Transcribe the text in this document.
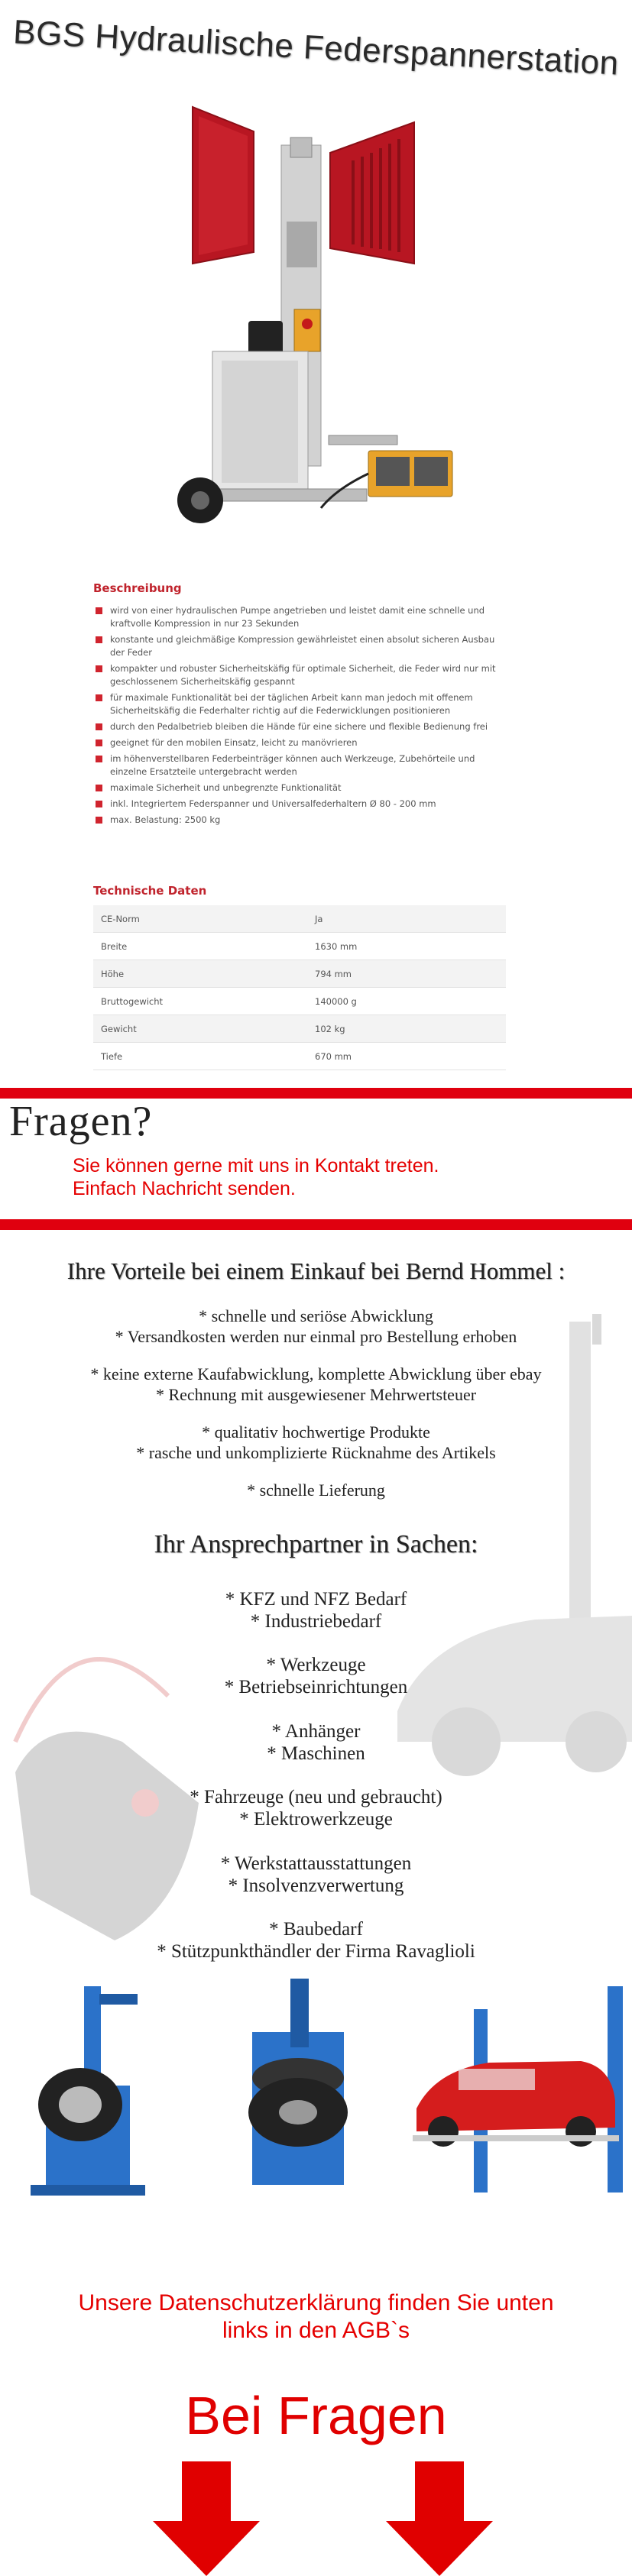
BGS Hydraulische Federspannerstation
Beschreibung
wird von einer hydraulischen Pumpe angetrieben und leistet damit eine schnelle und kraftvolle Kompression in nur 23 Sekunden
konstante und gleichmäßige Kompression gewährleistet einen absolut sicheren Ausbau der Feder
kompakter und robuster Sicherheitskäfig für optimale Sicherheit, die Feder wird nur mit geschlossenem Sicherheitskäfig gespannt
für maximale Funktionalität bei der täglichen Arbeit kann man jedoch mit offenem Sicherheitskäfig die Federhalter richtig auf die Federwicklungen positionieren
durch den Pedalbetrieb bleiben die Hände für eine sichere und flexible Bedienung frei
geeignet für den mobilen Einsatz, leicht zu manövrieren
im höhenverstellbaren Federbeinträger können auch Werkzeuge, Zubehörteile und einzelne Ersatzteile untergebracht werden
maximale Sicherheit und unbegrenzte Funktionalität
inkl. Integriertem Federspanner und Universalfederhaltern Ø 80 - 200 mm
max. Belastung: 2500 kg
Technische Daten
CE-Norm	Ja
Breite	1630 mm
Höhe	794 mm
Bruttogewicht	140000 g
Gewicht	102 kg
Tiefe	670 mm
Fragen?
Sie können gerne mit uns in Kontakt treten.
Einfach Nachricht senden.
Ihre Vorteile bei einem Einkauf bei Bernd Hommel :
* schnelle und seriöse Abwicklung
* Versandkosten werden nur einmal pro Bestellung erhoben
* keine externe Kaufabwicklung, komplette Abwicklung über ebay
* Rechnung mit ausgewiesener Mehrwertsteuer
* qualitativ hochwertige Produkte
* rasche und unkomplizierte Rücknahme des Artikels
* schnelle Lieferung
Ihr Ansprechpartner in Sachen:
* KFZ und NFZ Bedarf
* Industriebedarf
* Werkzeuge
* Betriebseinrichtungen
* Anhänger
* Maschinen
* Fahrzeuge (neu und gebraucht)
* Elektrowerkzeuge
* Werkstattausstattungen
* Insolvenzverwertung
* Baubedarf
* Stützpunkthändler der Firma Ravaglioli
Unsere Datenschutzerklärung finden Sie unten
links in den AGB`s
Bei Fragen
